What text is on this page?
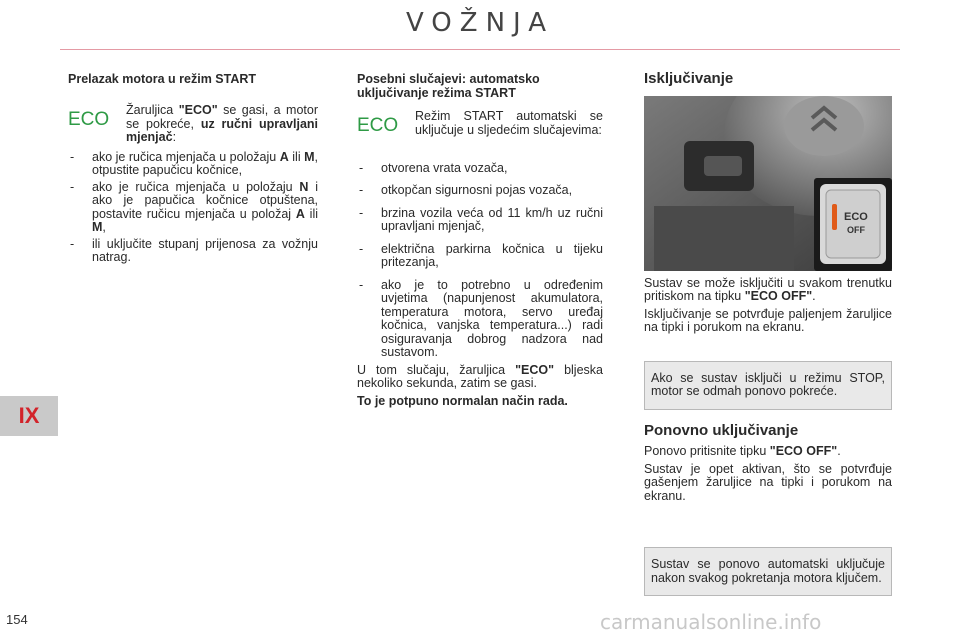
VOŽNJA
IX
154	carmanualsonline.info
Prelazak motora u režim START
ECO Žaruljica "ECO" se gasi, a motor se pokreće, uz ručni upravljani mjenjač:
- ako je ručica mjenjača u položaju A ili M, otpustite papučicu kočnice,
- ako je ručica mjenjača u položaju N i ako je papučica kočnice otpuštena, postavite ručicu mjenjača u položaj A ili M,
- ili uključite stupanj prijenosa za vožnju natrag.
Posebni slučajevi: automatsko uključivanje režima START
ECO Režim START automatski se uključuje u sljedećim slučajevima:
- otvorena vrata vozača,
- otkopčan sigurnosni pojas vozača,
- brzina vozila veća od 11 km/h uz ručni upravljani mjenjač,
- električna parkirna kočnica u tijeku pritezanja,
- ako je to potrebno u određenim uvjetima (napunjenost akumulatora, temperatura motora, servo uređaj kočnica, vanjska temperatura...) radi osiguravanja dobrog nadzora nad sustavom.

U tom slučaju, žaruljica "ECO" bljeska nekoliko sekunda, zatim se gasi.

To je potpuno normalan način rada.

Isključivanje
ECO
OFF

Sustav se može isključiti u svakom trenutku pritiskom na tipku "ECO OFF".

Isključivanje se potvrđuje paljenjem žaruljice na tipki i porukom na ekranu.

Ako se sustav isključi u režimu STOP, motor se odmah ponovo pokreće.
Ponovno uključivanje

Ponovo pritisnite tipku "ECO OFF".

Sustav je opet aktivan, što se potvrđuje gašenjem žaruljice na tipki i porukom na ekranu.

Sustav se ponovo automatski uključuje nakon svakog pokretanja motora ključem.
